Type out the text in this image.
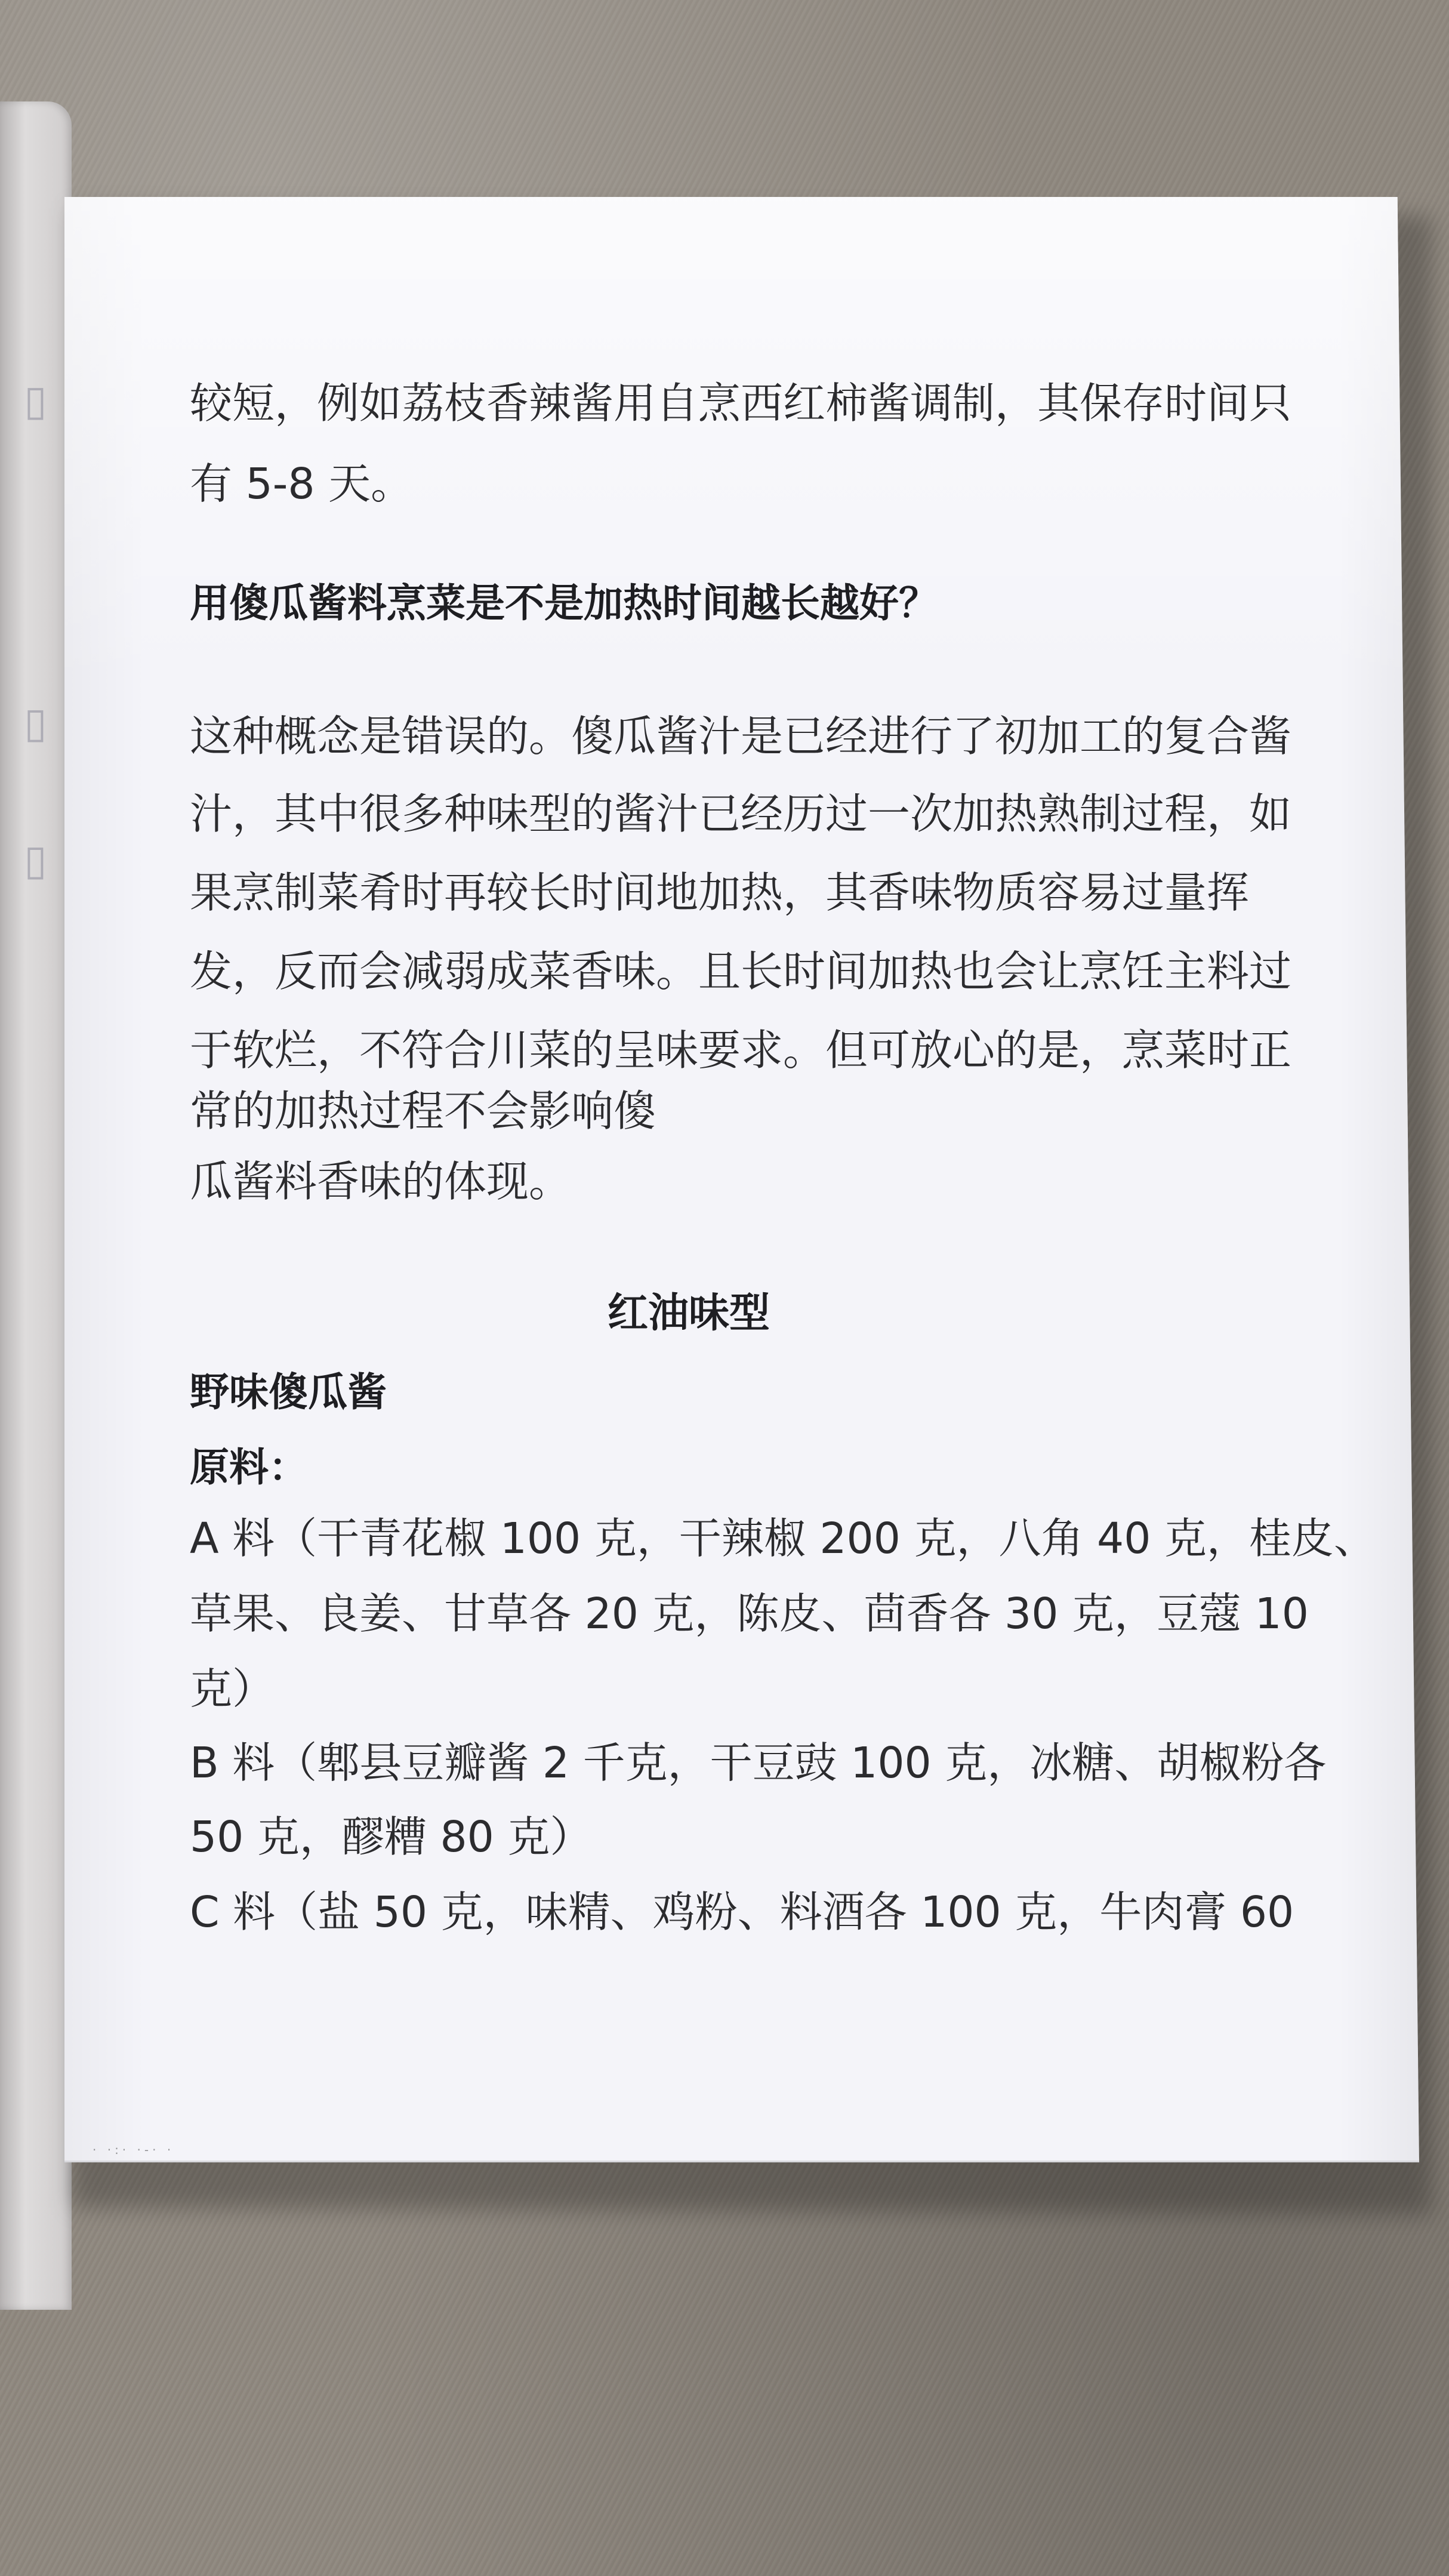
▯
▯
▯
· ·:· ·-· ·
较短，例如荔枝香辣酱用自烹西红柿酱调制，其保存时间只
有 5-8 天。
用傻瓜酱料烹菜是不是加热时间越长越好？
这种概念是错误的。傻瓜酱汁是已经进行了初加工的复合酱
汁，其中很多种味型的酱汁已经历过一次加热熟制过程，如
果烹制菜肴时再较长时间地加热，其香味物质容易过量挥
发，反而会减弱成菜香味。且长时间加热也会让烹饪主料过
于软烂，不符合川菜的呈味要求。但可放心的是，烹菜时正
常的加热过程不会影响傻
瓜酱料香味的体现。
红油味型
野味傻瓜酱
原料：
A 料（干青花椒 100 克，干辣椒 200 克，八角 40 克，桂皮、
草果、良姜、甘草各 20 克，陈皮、茴香各 30 克，豆蔻 10
克）
B 料（郫县豆瓣酱 2 千克，干豆豉 100 克，冰糖、胡椒粉各
50 克，醪糟 80 克）
C 料（盐 50 克，味精、鸡粉、料酒各 100 克，牛肉膏 60
